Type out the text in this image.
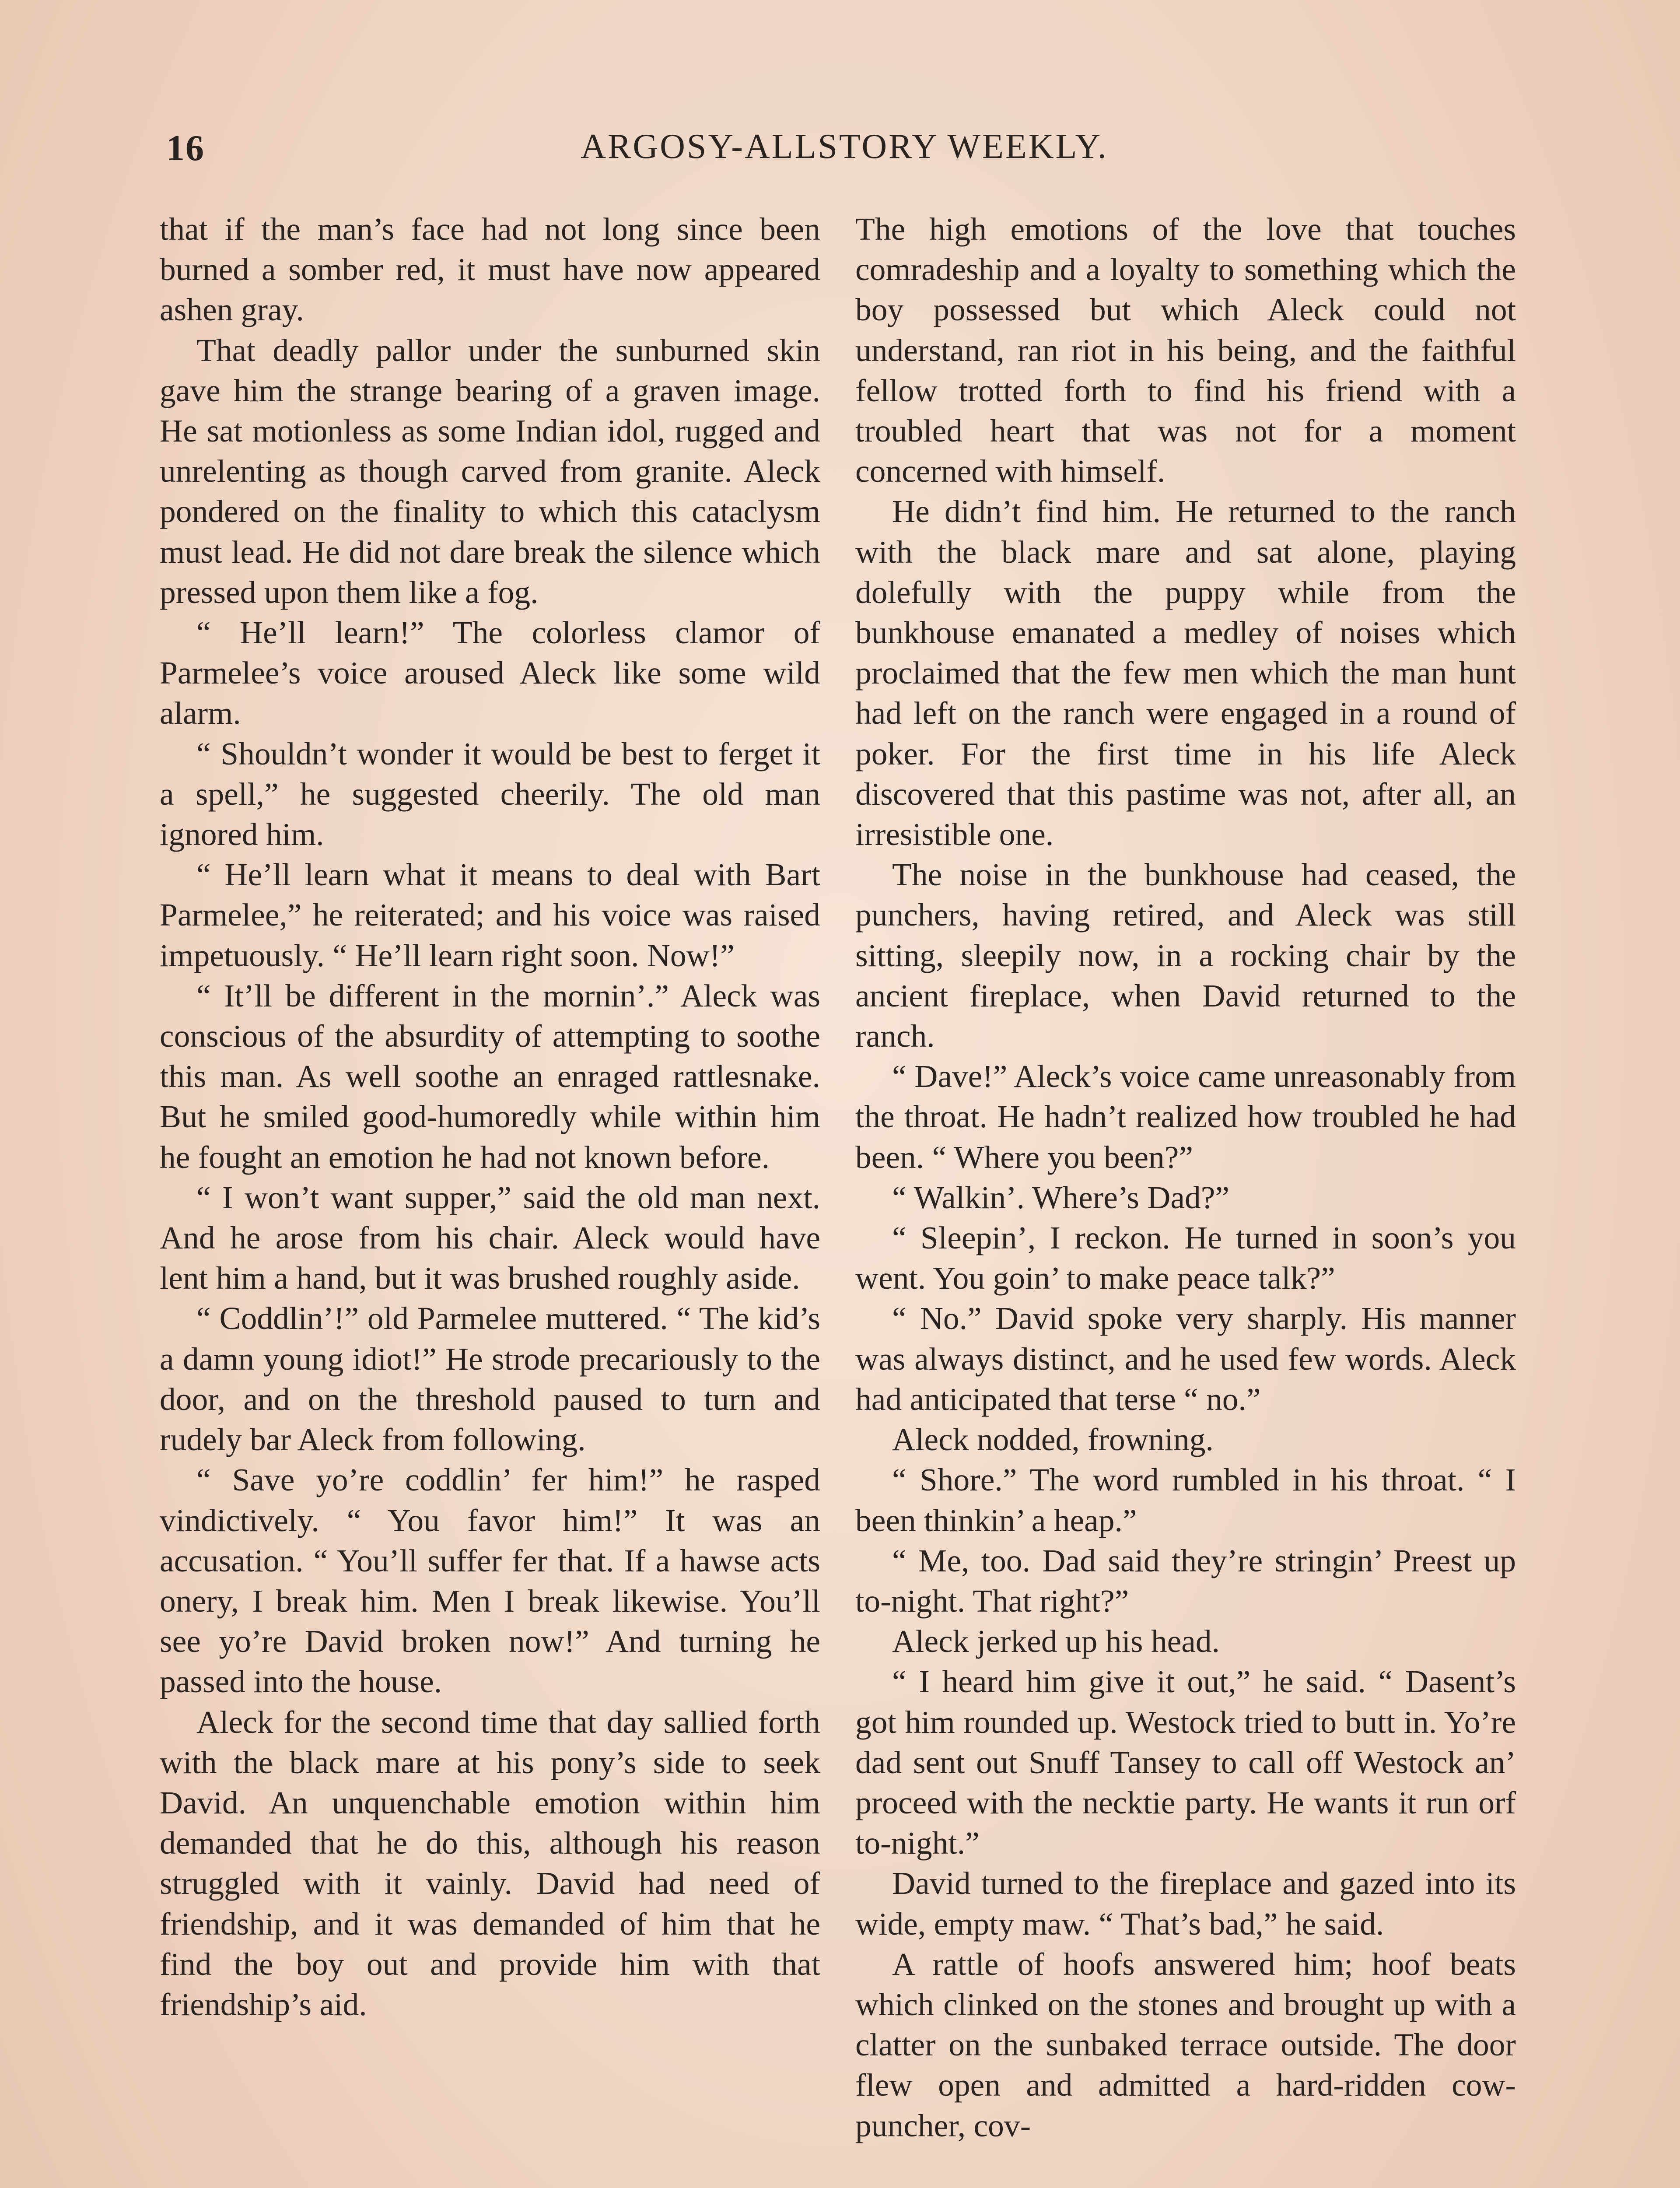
16	ARGOSY-ALLSTORY WEEKLY.

that if the man’s face had not long since been burned a somber red, it must have now appeared ashen gray.

That deadly pallor under the sunburned skin gave him the strange bearing of a graven image. He sat motionless as some Indian idol, rugged and unrelenting as though carved from granite. Aleck pondered on the finality to which this cataclysm must lead. He did not dare break the silence which pressed upon them like a fog.

“ He’ll learn!” The colorless clamor of Parmelee’s voice aroused Aleck like some wild alarm.

“ Shouldn’t wonder it would be best to ferget it a spell,” he suggested cheerily. The old man ignored him.

“ He’ll learn what it means to deal with Bart Parmelee,” he reiterated; and his voice was raised impetuously. “ He’ll learn right soon. Now!”

“ It’ll be different in the mornin’.” Aleck was conscious of the absurdity of attempting to soothe this man. As well soothe an enraged rattlesnake. But he smiled good-humoredly while within him he fought an emotion he had not known before.

“ I won’t want supper,” said the old man next. And he arose from his chair. Aleck would have lent him a hand, but it was brushed roughly aside.

“ Coddlin’!” old Parmelee muttered. “ The kid’s a damn young idiot!” He strode precariously to the door, and on the threshold paused to turn and rudely bar Aleck from following.

“ Save yo’re coddlin’ fer him!” he rasped vindictively. “ You favor him!” It was an accusation. “ You’ll suffer fer that. If a hawse acts onery, I break him. Men I break likewise. You’ll see yo’re David broken now!” And turning he passed into the house.

Aleck for the second time that day sallied forth with the black mare at his pony’s side to seek David. An unquenchable emotion within him demanded that he do this, although his reason struggled with it vainly. David had need of friendship, and it was demanded of him that he find the boy out and provide him with that friendship’s aid.

The high emotions of the love that touches comradeship and a loyalty to something which the boy possessed but which Aleck could not understand, ran riot in his being, and the faithful fellow trotted forth to find his friend with a troubled heart that was not for a moment concerned with himself.

He didn’t find him. He returned to the ranch with the black mare and sat alone, playing dolefully with the puppy while from the bunkhouse emanated a medley of noises which proclaimed that the few men which the man hunt had left on the ranch were engaged in a round of poker. For the first time in his life Aleck discovered that this pastime was not, after all, an irresistible one.

The noise in the bunkhouse had ceased, the punchers, having retired, and Aleck was still sitting, sleepily now, in a rocking chair by the ancient fireplace, when David returned to the ranch.

“ Dave!” Aleck’s voice came unreasonably from the throat. He hadn’t realized how troubled he had been. “ Where you been?”

“ Walkin’. Where’s Dad?”

“ Sleepin’, I reckon. He turned in soon’s you went. You goin’ to make peace talk?”

“ No.” David spoke very sharply. His manner was always distinct, and he used few words. Aleck had anticipated that terse “ no.”

Aleck nodded, frowning.

“ Shore.” The word rumbled in his throat. “ I been thinkin’ a heap.”

“ Me, too. Dad said they’re stringin’ Preest up to-night. That right?”

Aleck jerked up his head.

“ I heard him give it out,” he said. “ Dasent’s got him rounded up. Westock tried to butt in. Yo’re dad sent out Snuff Tansey to call off Westock an’ proceed with the necktie party. He wants it run orf to-night.”

David turned to the fireplace and gazed into its wide, empty maw. “ That’s bad,” he said.

A rattle of hoofs answered him; hoof beats which clinked on the stones and brought up with a clatter on the sunbaked terrace outside. The door flew open and admitted a hard-ridden cow-puncher, cov-
